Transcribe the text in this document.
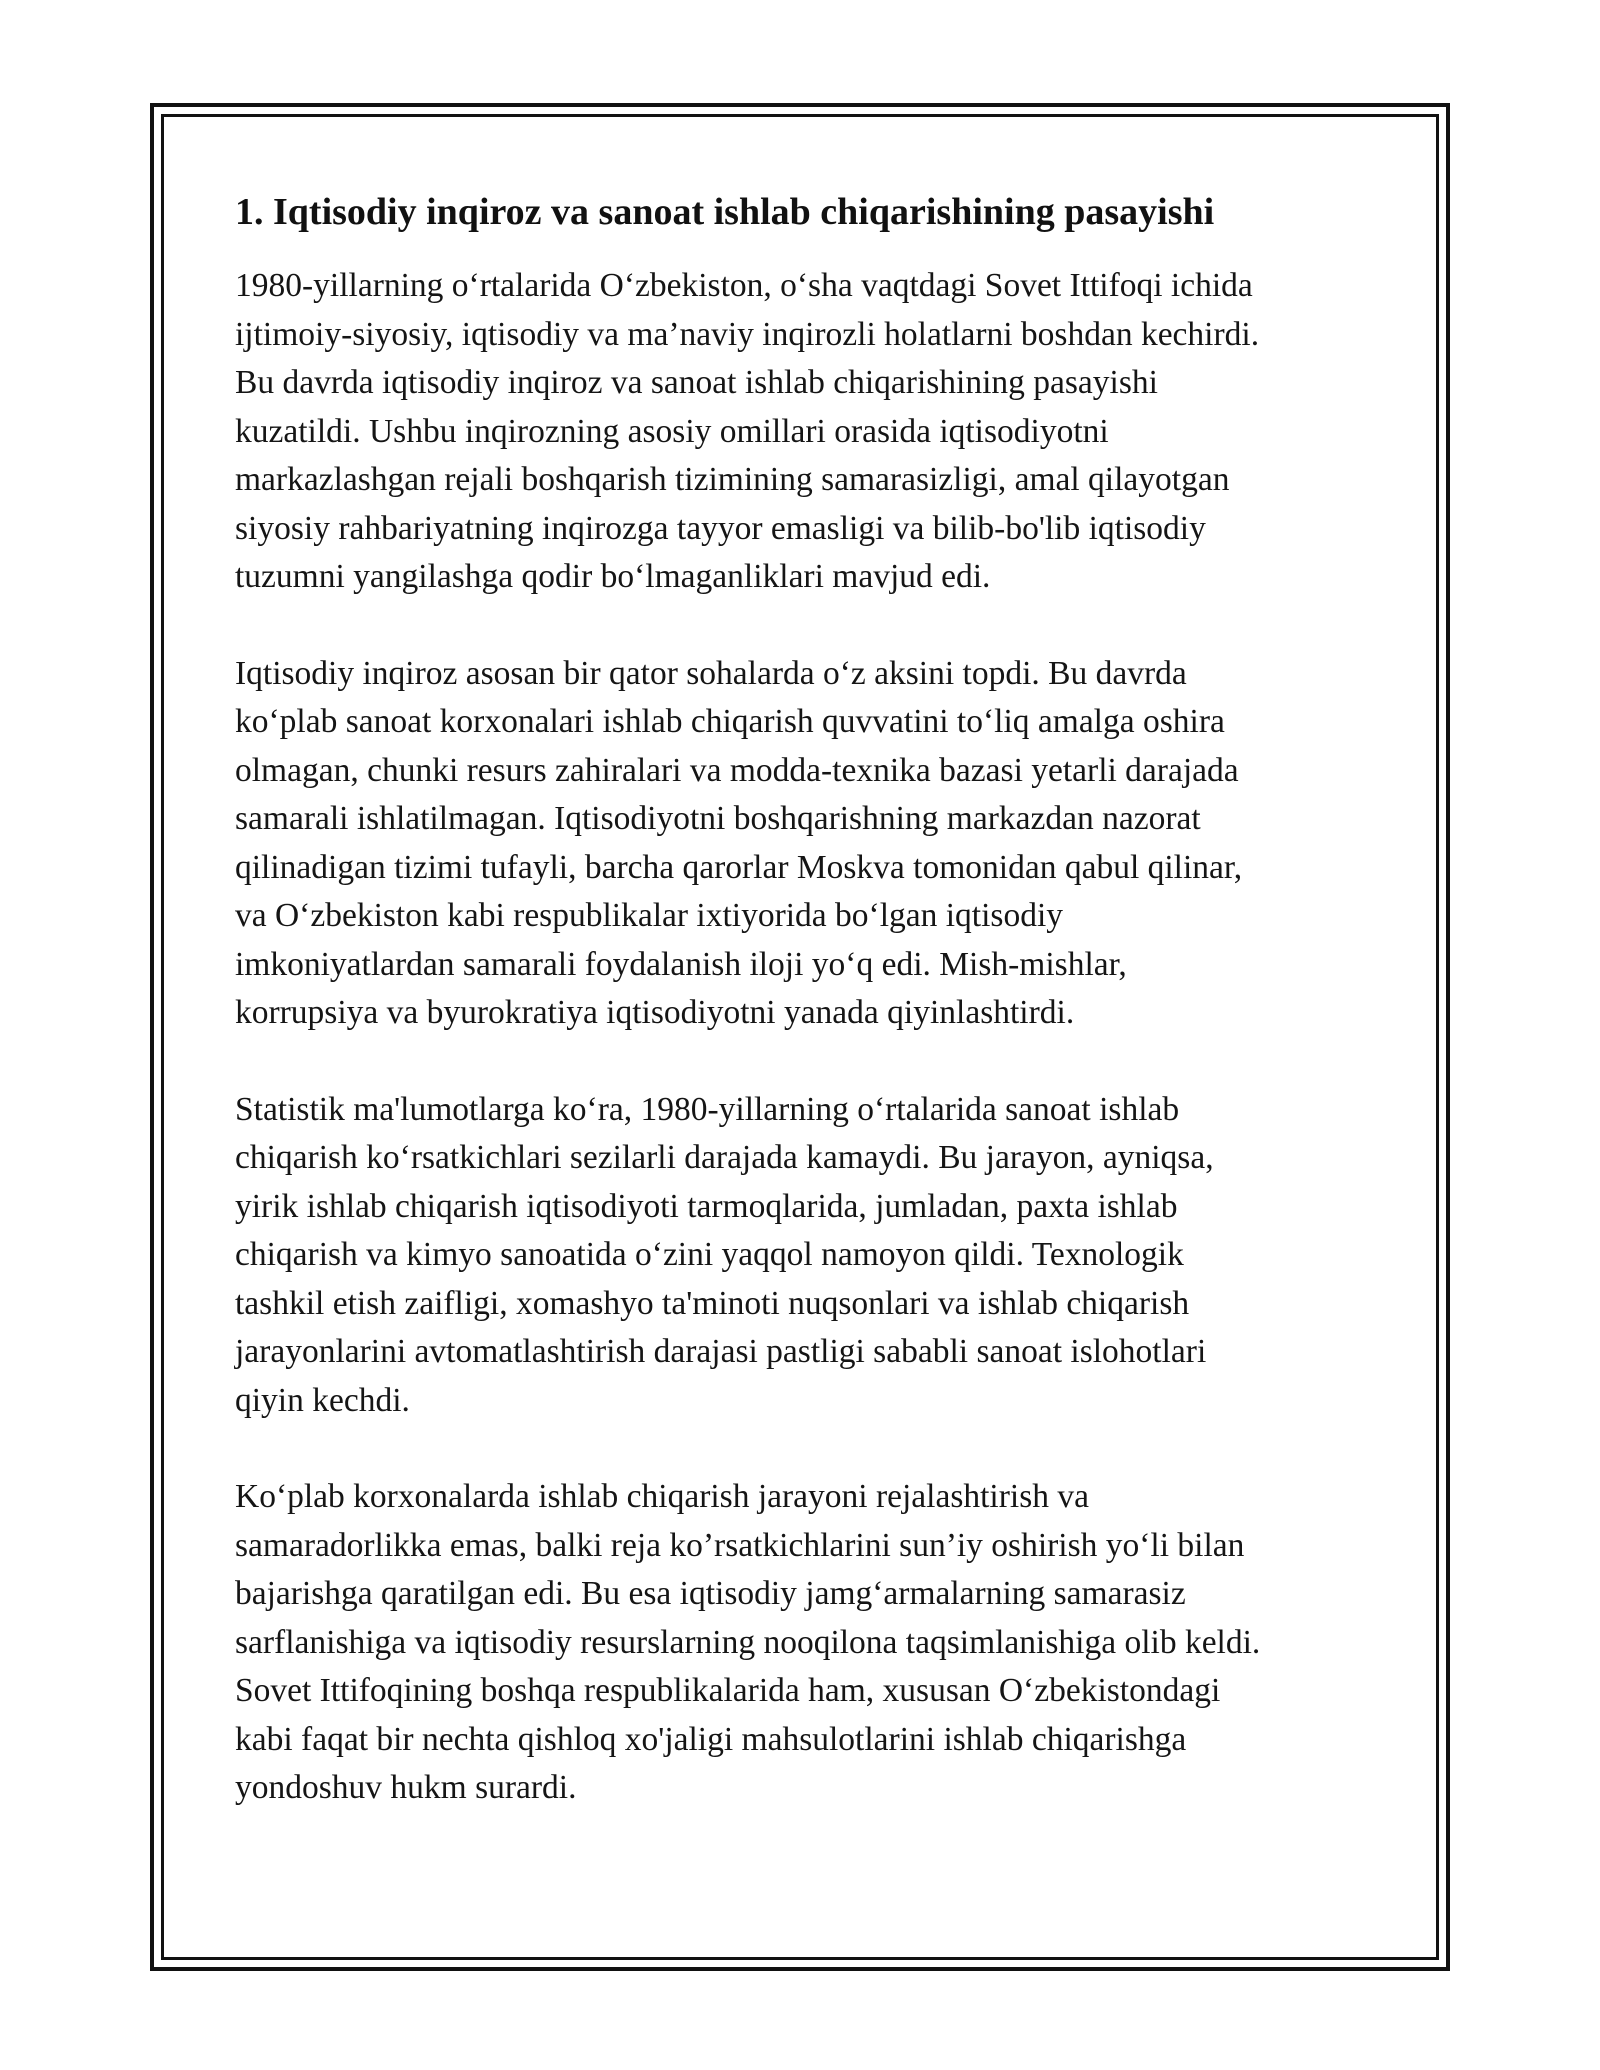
1. Iqtisodiy inqiroz va sanoat ishlab chiqarishining pasayishi

1980-yillarning o‘rtalarida O‘zbekiston, o‘sha vaqtdagi Sovet Ittifoqi ichida
ijtimoiy-siyosiy, iqtisodiy va ma’naviy inqirozli holatlarni boshdan kechirdi.
Bu davrda iqtisodiy inqiroz va sanoat ishlab chiqarishining pasayishi
kuzatildi. Ushbu inqirozning asosiy omillari orasida iqtisodiyotni
markazlashgan rejali boshqarish tizimining samarasizligi, amal qilayotgan
siyosiy rahbariyatning inqirozga tayyor emasligi va bilib-bo'lib iqtisodiy
tuzumni yangilashga qodir bo‘lmaganliklari mavjud edi.

Iqtisodiy inqiroz asosan bir qator sohalarda o‘z aksini topdi. Bu davrda
ko‘plab sanoat korxonalari ishlab chiqarish quvvatini to‘liq amalga oshira
olmagan, chunki resurs zahiralari va modda-texnika bazasi yetarli darajada
samarali ishlatilmagan. Iqtisodiyotni boshqarishning markazdan nazorat
qilinadigan tizimi tufayli, barcha qarorlar Moskva tomonidan qabul qilinar,
va O‘zbekiston kabi respublikalar ixtiyorida bo‘lgan iqtisodiy
imkoniyatlardan samarali foydalanish iloji yo‘q edi. Mish-mishlar,
korrupsiya va byurokratiya iqtisodiyotni yanada qiyinlashtirdi.

Statistik ma'lumotlarga ko‘ra, 1980-yillarning o‘rtalarida sanoat ishlab
chiqarish ko‘rsatkichlari sezilarli darajada kamaydi. Bu jarayon, ayniqsa,
yirik ishlab chiqarish iqtisodiyoti tarmoqlarida, jumladan, paxta ishlab
chiqarish va kimyo sanoatida o‘zini yaqqol namoyon qildi. Texnologik
tashkil etish zaifligi, xomashyo ta'minoti nuqsonlari va ishlab chiqarish
jarayonlarini avtomatlashtirish darajasi pastligi sababli sanoat islohotlari
qiyin kechdi.

Ko‘plab korxonalarda ishlab chiqarish jarayoni rejalashtirish va
samaradorlikka emas, balki reja ko’rsatkichlarini sun’iy oshirish yo‘li bilan
bajarishga qaratilgan edi. Bu esa iqtisodiy jamg‘armalarning samarasiz
sarflanishiga va iqtisodiy resurslarning nooqilona taqsimlanishiga olib keldi.
Sovet Ittifoqining boshqa respublikalarida ham, xususan O‘zbekistondagi
kabi faqat bir nechta qishloq xo'jaligi mahsulotlarini ishlab chiqarishga
yondoshuv hukm surardi.
